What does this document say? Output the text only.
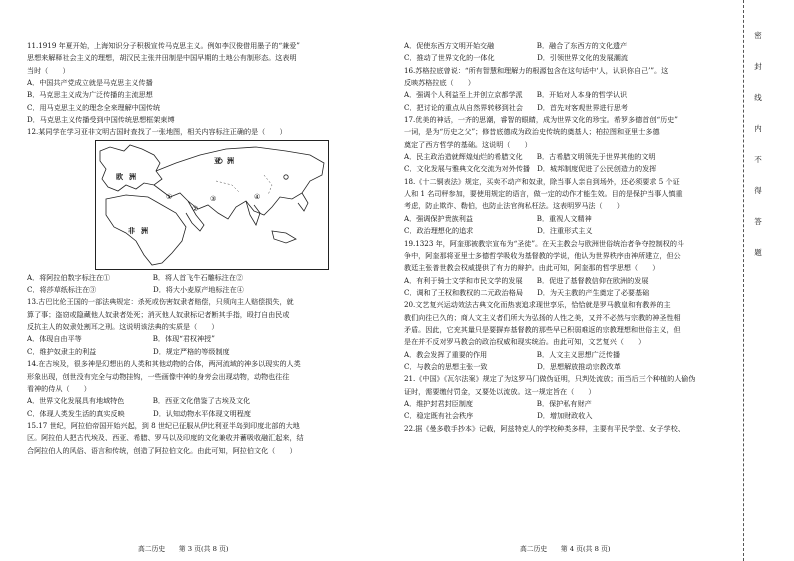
11.1919 年夏开始，上海知识分子积极宣传马克思主义。例如李汉俊借用墨子的“兼爱”
思想来解释社会主义的理想，胡汉民主张井田制是中国早期的土地公有制形态。这表明
当时（　　）
A．中国共产党成立就是马克思主义传播
B．马克思主义成为广泛传播的主流思想
C．用马克思主义的理念全来理解中国传统
D．马克思主义传播受到中国传统思想框架束缚
12.某同学在学习亚非文明古国时查找了一张地图，相关内容标注正确的是（　　）
①
②
③	④
欧洲
亚洲
非洲
A．将阿拉伯数字标注在①　　　　　　B．将人首飞牛石雕标注在②
C．将莎草纸标注在③　　　　　　　　D．将大小麦原产地标注在④
13.古巴比伦王国的一部法典规定：杀死或伤害奴隶者赔偿，只须向主人赔偿损失，就
算了事；盗窃或隐藏他人奴隶者处死；消灭他人奴隶标记者断其手指，殴打自由民或
反抗主人的奴隶处割耳之刑。这说明该法典的实质是（　　）
A．体现自由平等　　　　　　　　　　B．体现“君权神授”
C．维护奴隶主的利益　　　　　　　　D．规定严格的等级制度
14.在古埃及，很多神是幻想出的人类和其他动物的合体，两河流域的神多以现实的人类
形象出现，创世没有完全与动物挂钩，一些画像中神的身旁会出现动物，动物也往往
看神的侍从（　　）
A．世界文化发展具有地域特色　　　　B．西亚文化借鉴了古埃及文化
C．体现人类发生活的真实反映　　　　D．认知动物水平体现文明程度
15.17 世纪，阿拉伯帝国开始兴起，到 8 世纪已征服从伊比利亚半岛到印度北部的大地
区。阿拉伯人把古代埃及、西亚、希腊、罗马以及印度的文化兼收并蓄吸收融汇起来，结
合阿拉伯人的风俗、语言和传统，创造了阿拉伯文化。由此可知，阿拉伯文化（　　）
A．促使东西方文明开始交融　　　　　　B．融合了东西方的文化遗产
C．推动了世界文化的一体化　　　　　　D．引领世界文化的发展潮流
16.苏格拉底曾说：“所有智慧和理解力的根源包含在这句话中‘人，认识你自己’”。这
反映苏格拉底（　　）
A．强调个人利益至上并创立京都学派　　B．开始对人本身的哲学认识
C．把讨论的重点从自然界转移到社会　　D．首先对客观世界进行思考
17.优美的神话，一齐的思潮，睿智的眼睛，成为世界文化的珍宝。希罗多德首创“历史”
一词，是为“历史之父”；修昔底德成为政治史传统的奠基人；柏拉图和亚里士多德
奠定了西方哲学的基础。这说明（　　）
A．民主政治造就辉煌灿烂的希腊文化　　B．古希腊文明领先于世界其他的文明
C．文化发展与雅典文化交流为对外传播　D．城邦制度促进了公民创造力的发挥
18.《十二铜表法》规定，买卖不动产和奴隶，除当事人亲自到场外，还必须要求 5 个证
人和 1 名司秤参加，要使用规定的语言，做一定的动作才能生效。目的是保护当事人慎重
考虑，防止欺诈、勒伯，也防止法官徇私枉法。这表明罗马法（　　）
A．强调保护贵族利益　　　　　　　　　B．重视人文精神
C．政治理想化的追求　　　　　　　　　D．注重形式主义
19.1323 年，阿奎那被教宗宣布为“圣徒”。在天主教会与欧洲世俗统治者争夺控制权的斗
争中，阿奎那将亚里士多德哲学吸收为基督教的学说，他认为世界秩序由神所建立，但公
教廷主张普世教会权威提供了有力的辩护。由此可知，阿奎那的哲学思想（　　）
A．有利于骑士文学和市民文学的发展　　B．促进了基督教信仰在欧洲的发展
C．调和了王权和教权的二元政治格局　　D．为天主教的产生奠定了必要基础
20.文艺复兴运动效法古典文化而热衷追求现世享乐，恰恰就是罗马教皇和有教养的主
教们向往已久的；商人文主义者们所大为弘扬的人性之美，又并不必然与宗教的神圣性相
矛盾。因此，它充其量只是要摒弃基督教的那些早已积弱难返的宗教理想和世俗主义，但
是在并不反对罗马教会的政治权威和现实统治。由此可知，文艺复兴（　　）
A．教会发挥了重要的作用　　　　　　　B．人文主义思想广泛传播
C．与教会的思想主张一致　　　　　　　D．思想解放推动宗教改革
21.《中国》《瓦尔法案》规定了为这罗马门做伪证明，只判处流放；而当后三个种植的人偷伪
证时，需要缴付罚金，又要处以流放。这一规定旨在（　　）
A．维护封君封臣制度　　　　　　　　　B．保护私有财产
C．稳定既有社会秩序　　　　　　　　　D．增加财政收入
22.据《曼多敬手抄本》记载，阿兹特克人的学校种类多样，主要有平民学堂、女子学校、
高二历史　　第 3 页(共 8 页)	高二历史　　第 4 页(共 8 页)
密
封
线
内
不
得
答
题
